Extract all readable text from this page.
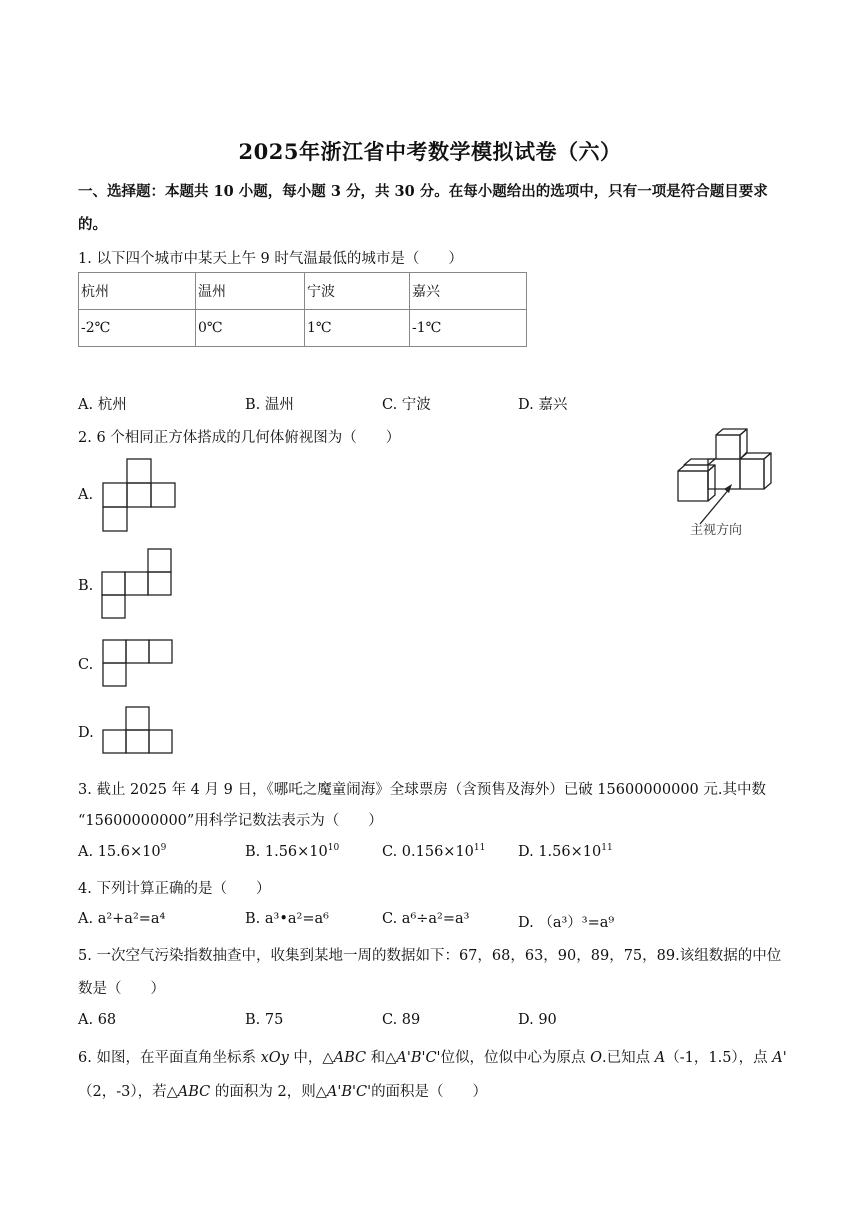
2025年浙江省中考数学模拟试卷（六）
一、选择题：本题共 10 小题，每小题 3 分，共 30 分。在每小题给出的选项中，只有一项是符合题目要求
的。
1. 以下四个城市中某天上午 9 时气温最低的城市是（　　）
杭州	温州	宁波	嘉兴
-2℃	0℃	1℃	-1℃
A. 杭州	B. 温州	C. 宁波	D. 嘉兴
2. 6 个相同正方体搭成的几何体俯视图为（　　）
A.
B.
C.
D.
主视方向
3. 截止 2025 年 4 月 9 日，《哪吒之魔童闹海》全球票房（含预售及海外）已破 15600000000 元.其中数
“15600000000”用科学记数法表示为（　　）
A. $15.6\times 10^9$	B. $1.56\times 10^{10}$	C. $0.156\times 10^{11}$ D. $1.56\times 10^{11}$
4. 下列计算正确的是（　　）
A. a²+a²=a⁴	B. a³•a²=a⁶	C. a⁶÷a²=a³	D. （a³）³=a⁹
5. 一次空气污染指数抽查中，收集到某地一周的数据如下：67，68，63，90，89，75，89.该组数据的中位
数是（　　）
A. 68	B. 75	C. 89	D. 90
6. 如图，在平面直角坐标系 xOy 中，△ABC 和△A'B'C'位似，位似中心为原点 O.已知点 A（-1，1.5），点 A'
（2，-3），若△ABC 的面积为 2，则△A'B'C'的面积是（　　）
